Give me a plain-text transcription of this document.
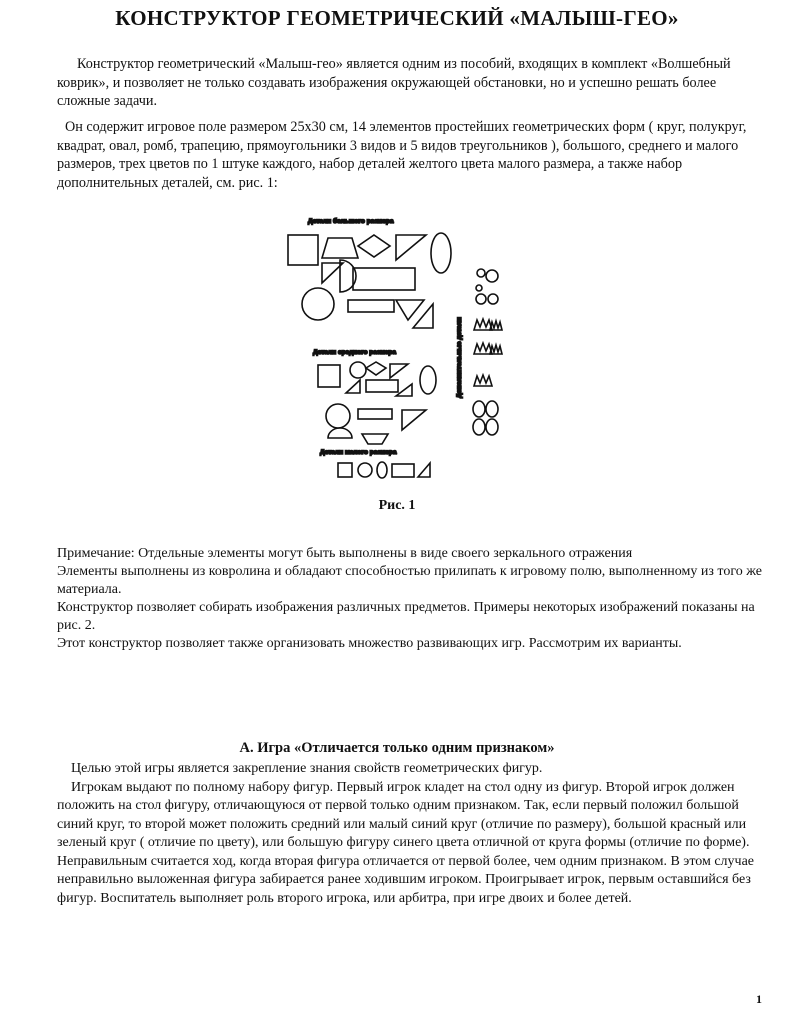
КОНСТРУКТОР ГЕОМЕТРИЧЕСКИЙ «МАЛЫШ-ГЕО»
Конструктор геометрический «Малыш-гео» является одним из пособий, входящих в комплект «Волшебный коврик», и позволяет не только создавать изображения окружающей обстановки, но и успешно решать более сложные задачи.
Он содержит игровое поле размером 25х30 см, 14 элементов простейших геометрических форм ( круг, полукруг, квадрат, овал, ромб, трапецию, прямоугольники 3 видов и 5 видов треугольников ), большого, среднего и малого размеров, трех цветов по 1 штуке каждого, набор деталей желтого цвета малого размера, а также набор дополнительных деталей, см. рис. 1:
Детали большого размера
Детали среднего размера
Детали малого размера
Дополнительные детали
Рис. 1
Примечание: Отдельные элементы могут быть выполнены в виде своего зеркального отражения
Элементы выполнены из ковролина и обладают способностью прилипать к игровому полю, выполненному из того же материала.
Конструктор позволяет собирать изображения различных предметов. Примеры некоторых изображений показаны на рис. 2.
Этот конструктор позволяет также организовать множество развивающих игр. Рассмотрим их варианты.
А. Игра «Отличается только одним признаком»
Целью этой игры является закрепление знания свойств геометрических фигур.
Игрокам выдают по полному набору фигур. Первый игрок кладет на стол одну из фигур. Второй игрок должен положить на стол фигуру, отличающуюся от первой только одним признаком. Так, если первый положил большой синий круг, то второй может положить средний или малый синий круг (отличие по размеру), большой красный или зеленый круг ( отличие по цвету), или большую фигуру синего цвета отличной от круга формы (отличие по форме). Неправильным считается ход, когда вторая фигура отличается от первой более, чем одним признаком. В этом случае неправильно выложенная фигура забирается ранее ходившим игроком. Проигрывает игрок, первым оставшийся без фигур. Воспитатель выполняет роль второго игрока, или арбитра, при игре двоих и более детей.
1
